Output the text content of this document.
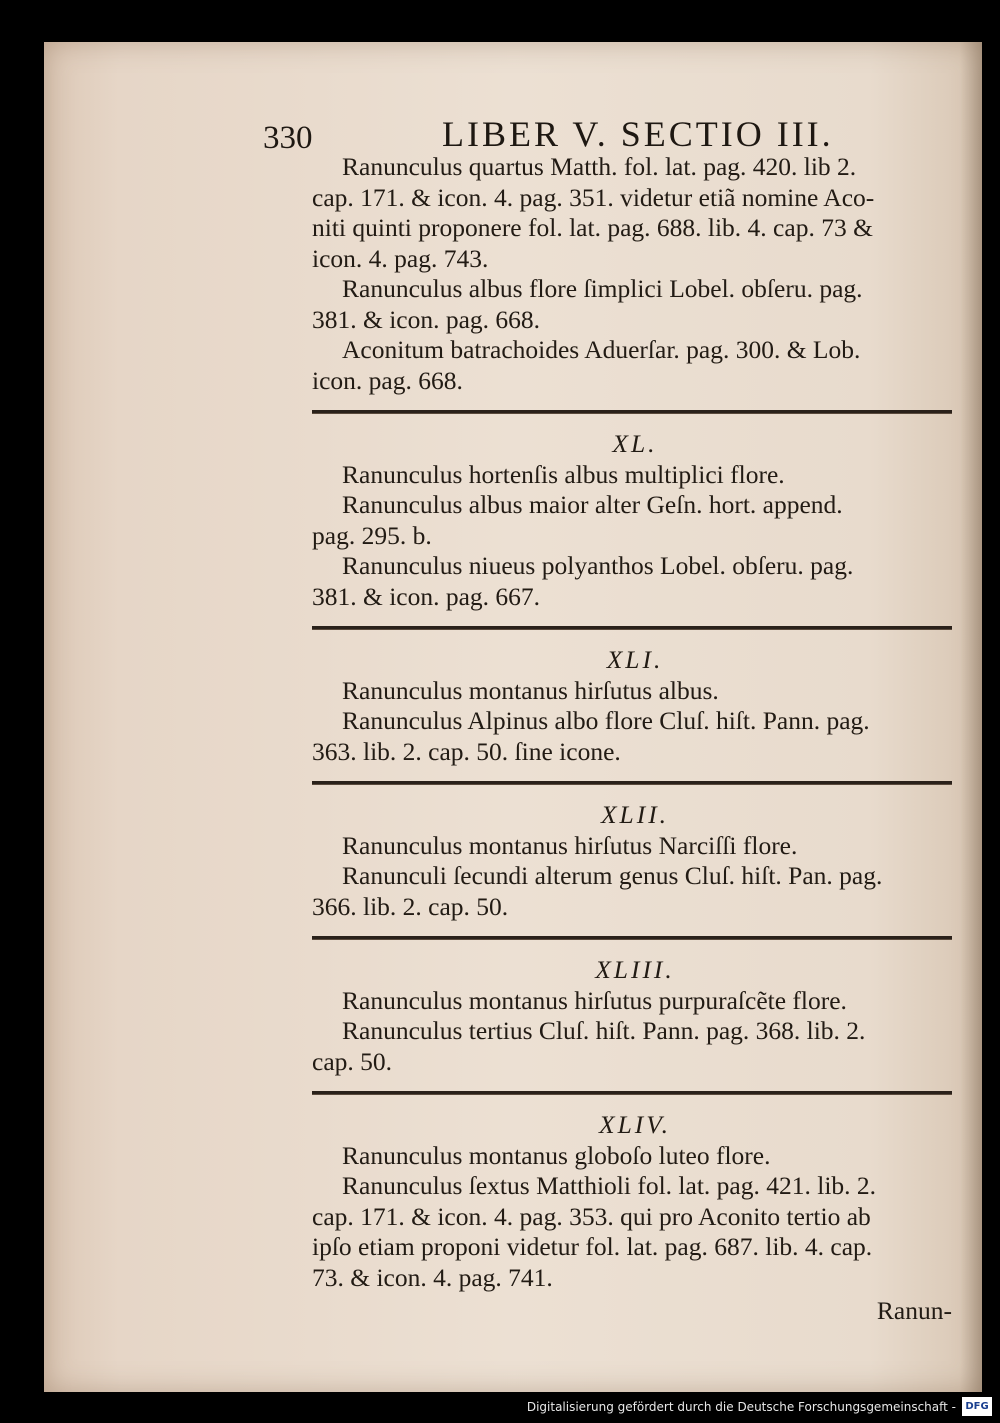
330	LIBER V. SECTIO III.
Ranunculus quartus Matth. fol. lat. pag. 420. lib 2.
cap. 171. & icon. 4. pag. 351. videtur etiã nomine Aco-
niti quinti proponere fol. lat. pag. 688. lib. 4. cap. 73 &
icon. 4. pag. 743.
Ranunculus albus flore ſimplici Lobel. obſeru. pag.
381. & icon. pag. 668.
Aconitum batrachoides Aduerſar. pag. 300. & Lob.
icon. pag. 668.
XL.
Ranunculus hortenſis albus multiplici flore.
Ranunculus albus maior alter Geſn. hort. append.
pag. 295. b.
Ranunculus niueus polyanthos Lobel. obſeru. pag.
381. & icon. pag. 667.
XLI.
Ranunculus montanus hirſutus albus.
Ranunculus Alpinus albo flore Cluſ. hiſt. Pann. pag.
363. lib. 2. cap. 50. ſine icone.
XLII.
Ranunculus montanus hirſutus Narciſſi flore.
Ranunculi ſecundi alterum genus Cluſ. hiſt. Pan. pag.
366. lib. 2. cap. 50.
XLIII.
Ranunculus montanus hirſutus purpuraſcẽte flore.
Ranunculus tertius Cluſ. hiſt. Pann. pag. 368. lib. 2.
cap. 50.
XLIV.
Ranunculus montanus globoſo luteo flore.
Ranunculus ſextus Matthioli fol. lat. pag. 421. lib. 2.
cap. 171. & icon. 4. pag. 353. qui pro Aconito tertio ab
ipſo etiam proponi videtur fol. lat. pag. 687. lib. 4. cap.
73. & icon. 4. pag. 741.
Ranun-
Digitalisierung gefördert durch die Deutsche Forschungsgemeinschaft - DFG
